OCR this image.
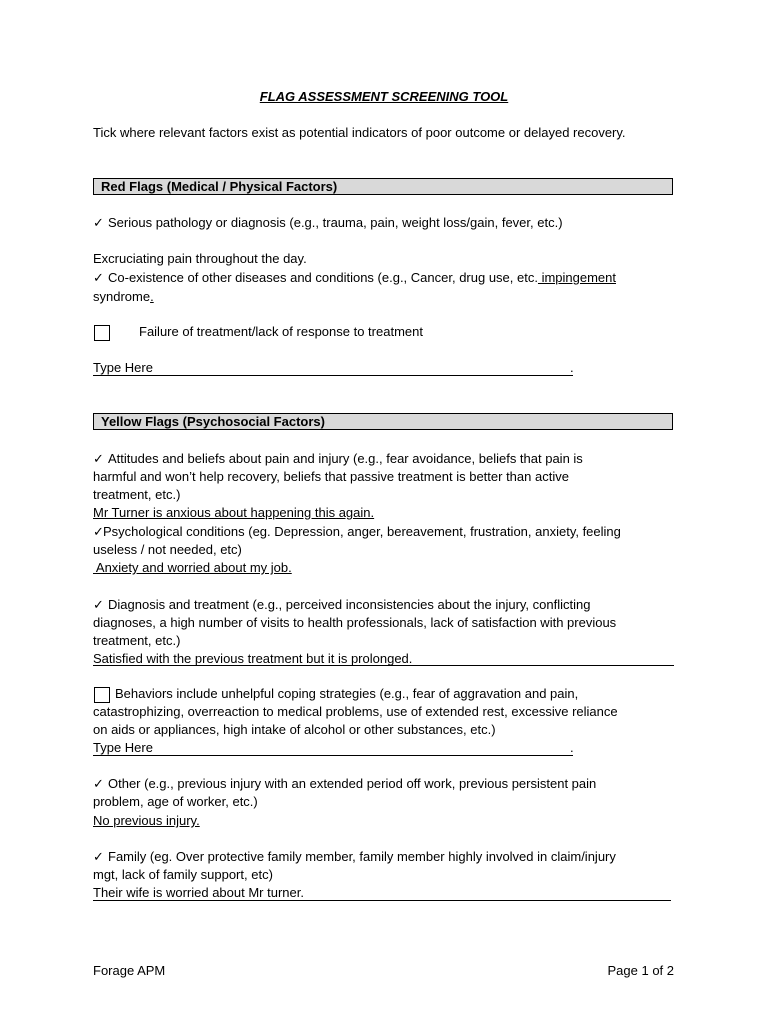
FLAG ASSESSMENT SCREENING TOOL
Tick where relevant factors exist as potential indicators of poor outcome or delayed recovery.
Red Flags (Medical / Physical Factors)
✓ Serious pathology or diagnosis (e.g., trauma, pain, weight loss/gain, fever, etc.)
Excruciating pain throughout the day.
✓ Co-existence of other diseases and conditions (e.g., Cancer, drug use, etc. impingement
syndrome.
Failure of treatment/lack of response to treatment
Type Here	.
Yellow Flags (Psychosocial Factors)
✓ Attitudes and beliefs about pain and injury (e.g., fear avoidance, beliefs that pain is
harmful and won’t help recovery, beliefs that passive treatment is better than active
treatment, etc.)
Mr Turner is anxious about happening this again.
✓Psychological conditions (eg. Depression, anger, bereavement, frustration, anxiety, feeling
useless / not needed, etc)
Anxiety and worried about my job.
✓ Diagnosis and treatment (e.g., perceived inconsistencies about the injury, conflicting
diagnoses, a high number of visits to health professionals, lack of satisfaction with previous
treatment, etc.)
Satisfied with the previous treatment but it is prolonged.
Behaviors include unhelpful coping strategies (e.g., fear of aggravation and pain,
catastrophizing, overreaction to medical problems, use of extended rest, excessive reliance
on aids or appliances, high intake of alcohol or other substances, etc.)
Type Here	.
✓ Other (e.g., previous injury with an extended period off work, previous persistent pain
problem, age of worker, etc.)
No previous injury.
✓ Family (eg. Over protective family member, family member highly involved in claim/injury
mgt, lack of family support, etc)
Their wife is worried about Mr turner.
Forage APM	Page 1 of 2
